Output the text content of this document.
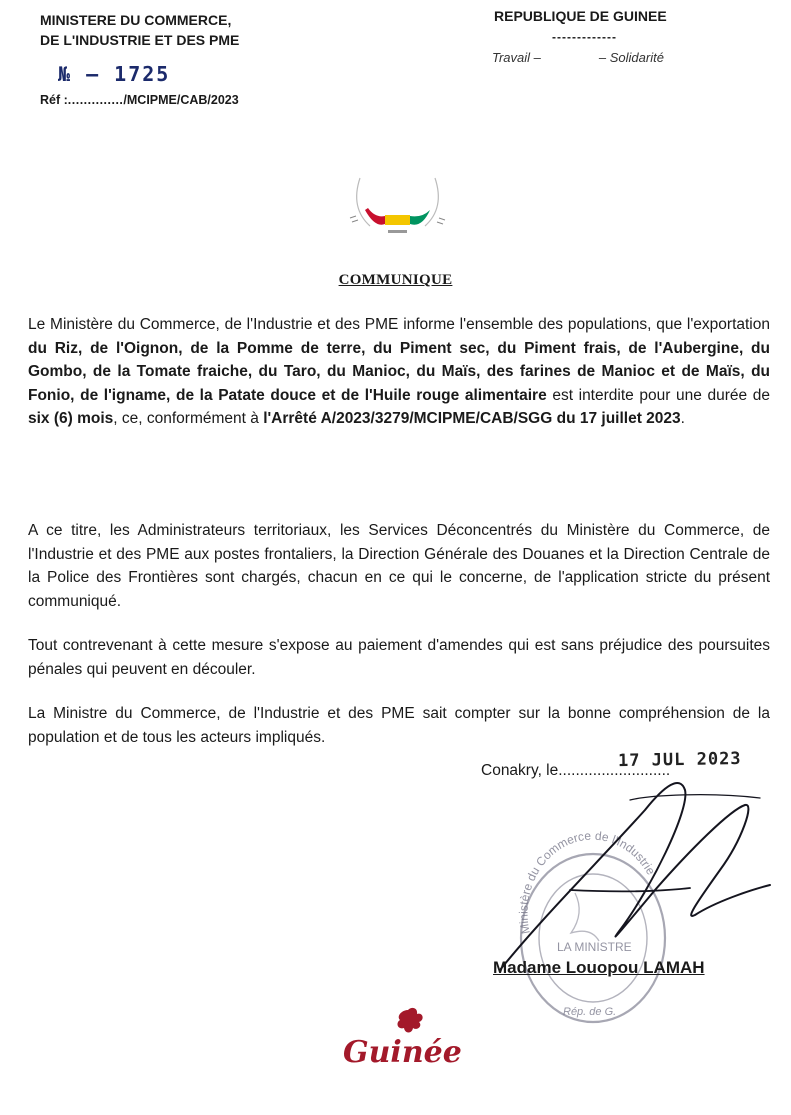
MINISTERE DU COMMERCE,
DE L'INDUSTRIE ET DES PME
REPUBLIQUE DE GUINEE
-------------
Travail –	– Solidarité
№ – 1725
Réf :............../MCIPME/CAB/2023
COMMUNIQUE
Le Ministère du Commerce, de l'Industrie et des PME informe l'ensemble des populations, que l'exportation du Riz, de l'Oignon, de la Pomme de terre, du Piment sec, du Piment frais, de l'Aubergine, du Gombo, de la Tomate fraiche, du Taro, du Manioc, du Maïs, des farines de Manioc et de Maïs, du Fonio, de l'igname, de la Patate douce et de l'Huile rouge alimentaire est interdite pour une durée de six (6) mois, ce, conformément à l'Arrêté A/2023/3279/MCIPME/CAB/SGG du 17 juillet 2023.
A ce titre, les Administrateurs territoriaux, les Services Déconcentrés du Ministère du Commerce, de l'Industrie et des PME aux postes frontaliers, la Direction Générale des Douanes et la Direction Centrale de la Police des Frontières sont chargés, chacun en ce qui le concerne, de l'application stricte du présent communiqué.
Tout contrevenant à cette mesure s'expose au paiement d'amendes qui est sans préjudice des poursuites pénales qui peuvent en découler.
La Ministre du Commerce, de l'Industrie et des PME sait compter sur la bonne compréhension de la population et de tous les acteurs impliqués.
Conakry, le..........................
17 JUL 2023
Ministère du Commerce de l'Industrie
LA MINISTRE
Rép. de G.
Madame Louopou LAMAH
Guinée
